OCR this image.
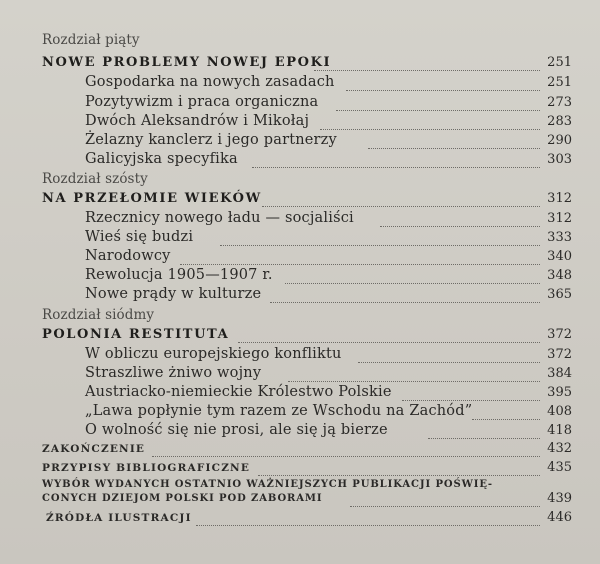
Rozdział piąty
NOWE PROBLEMY NOWEJ EPOKI	251
Gospodarka na nowych zasadach	251
Pozytywizm i praca organiczna	273
Dwóch Aleksandrów i Mikołaj	283
Żelazny kanclerz i jego partnerzy	290
Galicyjska specyfika	303
Rozdział szósty
NA PRZEŁOMIE WIEKÓW	312
Rzecznicy nowego ładu — socjaliści	312
Wieś się budzi	333
Narodowcy	340
Rewolucja 1905—1907 r.	348
Nowe prądy w kulturze	365
Rozdział siódmy
POLONIA RESTITUTA	372
W obliczu europejskiego konfliktu	372
Straszliwe żniwo wojny	384
Austriacko-niemieckie Królestwo Polskie	395
„Lawa popłynie tym razem ze Wschodu na Zachód”	408
O wolność się nie prosi, ale się ją bierze	418
ZAKOŃCZENIE	432
PRZYPISY BIBLIOGRAFICZNE	435
WYBÓR WYDANYCH OSTATNIO WAŻNIEJSZYCH PUBLIKACJI POŚWIĘ-
CONYCH DZIEJOM POLSKI POD ZABORAMI	439
ŹRÓDŁA ILUSTRACJI	446
